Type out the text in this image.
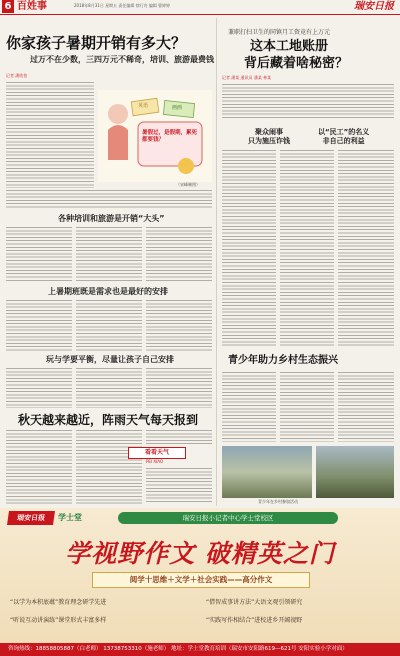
6 百姓事	2018年8月31日 星期五 责任编辑 徐行舟 编辑 曹婷婷	瑞安日报
你家孩子暑期开销有多大？
过万不在少数，三四万元不稀奇，培训、旅游最费钱
记者 潘欣怡
英语	画画
暑假过，是假期，累死都要钱？
（宋峰制图）
各种培训和旅游是开销“大头”
上暑期班既是需求也是最好的安排
玩与学要平衡，尽量让孩子自己安排
秋天越来越近，阵雨天气每天报到
看看天气
PEI XIAO
兼职打扫卫生的同镇月工资竟有上万元
这本工地账册
背后藏着啥秘密？
记者 潘某 通讯员 潘某 林某
聚众闹事
只为施压诈钱
以“民工”的名义
非自己的利益
青少年助力乡村生态振兴
青少年在乡村参加活动
瑞安日报	学士堂	瑞安日报小记者中心学士堂校区
学视野作文 破精英之门
阅学十思维＋文学＋社会实践——高分作文
“以学为本积底蕴”教育理念研学先进	“借智成事讲方法”大语文观引领研究
“听说互动讲演练”课堂形式丰富多样	“实践写作相结合”进校进乡开阔视野
咨询热线：18858805887（白老师） 13738753310（施老师） 地址：学士堂教育培训（瑞安市安阳路619—621号 安阳实验小学对面）
